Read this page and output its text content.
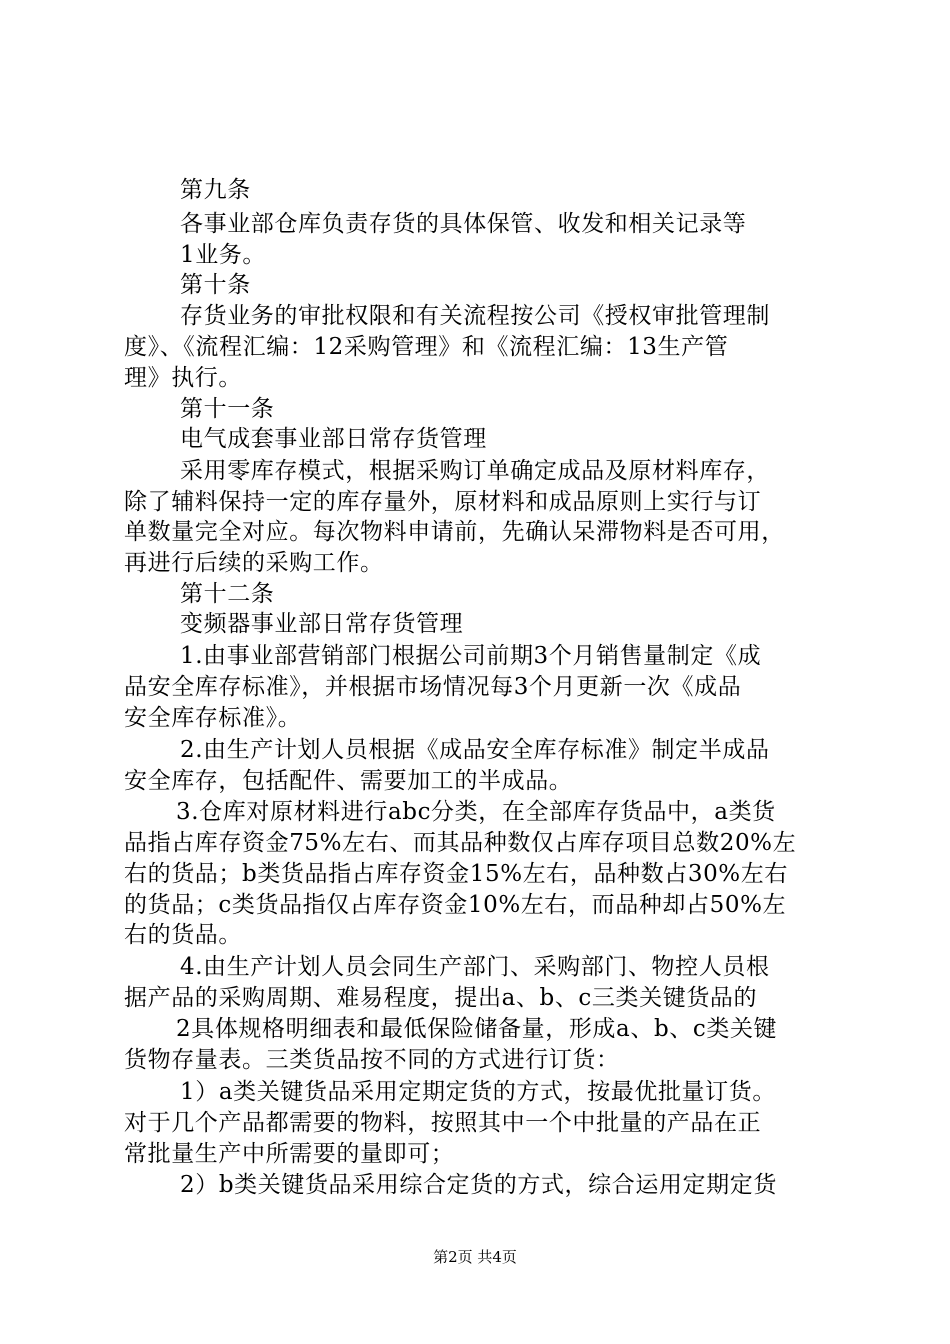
第九条
各事业部仓库负责存货的具体保管、收发和相关记录等
1业务。
第十条
存货业务的审批权限和有关流程按公司《授权审批管理制
度》、《流程汇编：12采购管理》和《流程汇编：13生产管
理》执行。
第十一条
电气成套事业部日常存货管理
采用零库存模式，根据采购订单确定成品及原材料库存，
除了辅料保持一定的库存量外，原材料和成品原则上实行与订
单数量完全对应。每次物料申请前，先确认呆滞物料是否可用，
再进行后续的采购工作。
第十二条
变频器事业部日常存货管理
1.由事业部营销部门根据公司前期3个月销售量制定《成
品安全库存标准》，并根据市场情况每3个月更新一次《成品
安全库存标准》。
2.由生产计划人员根据《成品安全库存标准》制定半成品
安全库存，包括配件、需要加工的半成品。
3.仓库对原材料进行abc分类，在全部库存货品中，a类货
品指占库存资金75%左右、而其品种数仅占库存项目总数20%左
右的货品；b类货品指占库存资金15%左右，品种数占30%左右
的货品；c类货品指仅占库存资金10%左右，而品种却占50%左
右的货品。
4.由生产计划人员会同生产部门、采购部门、物控人员根
据产品的采购周期、难易程度，提出a、b、c三类关键货品的
2具体规格明细表和最低保险储备量，形成a、b、c类关键
货物存量表。三类货品按不同的方式进行订货：
1）a类关键货品采用定期定货的方式，按最优批量订货。
对于几个产品都需要的物料，按照其中一个中批量的产品在正
常批量生产中所需要的量即可；
2）b类关键货品采用综合定货的方式，综合运用定期定货
第2页 共4页
